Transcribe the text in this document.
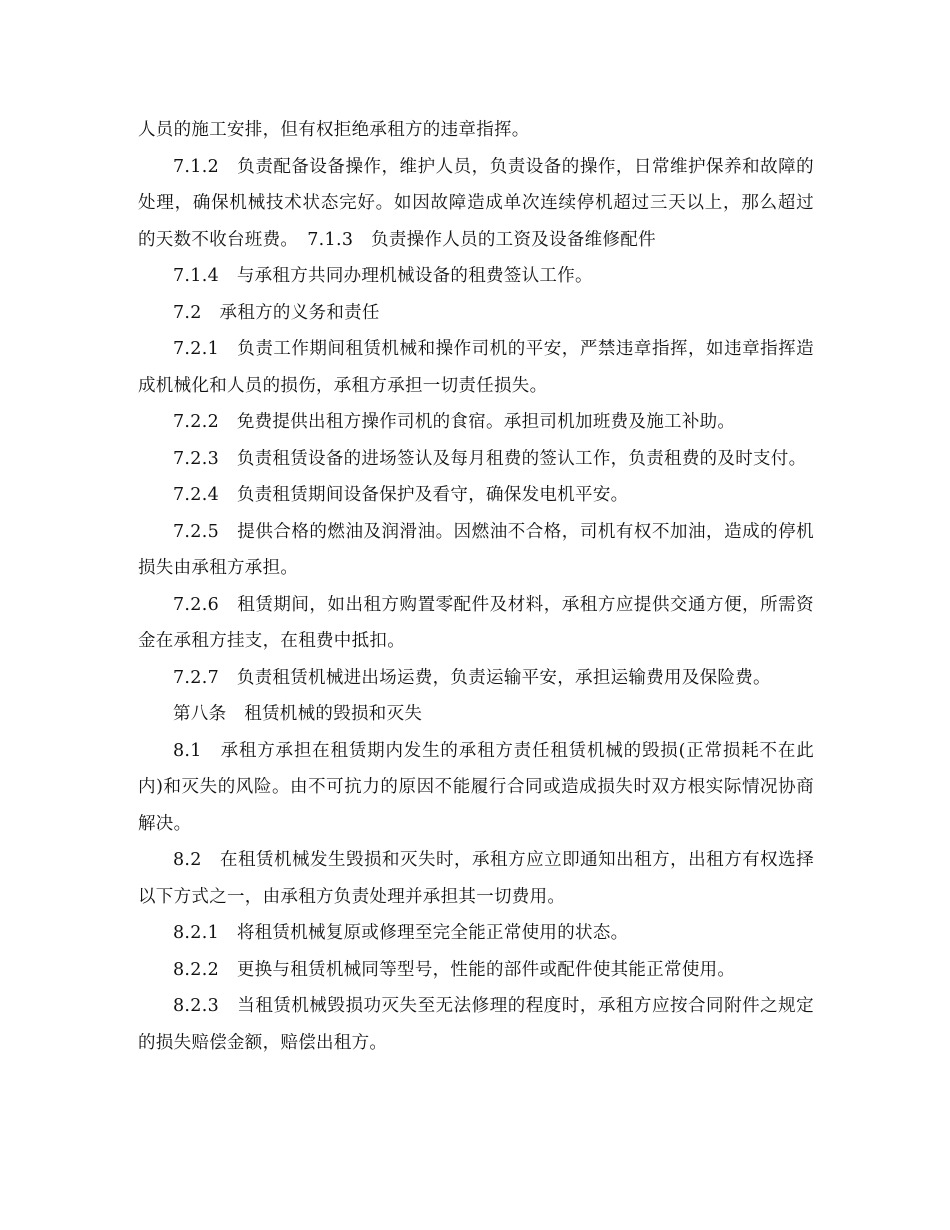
人员的施工安排，但有权拒绝承租方的违章指挥。

7.1.2　负责配备设备操作，维护人员，负责设备的操作，日常维护保养和故障的处理，确保机械技术状态完好。如因故障造成单次连续停机超过三天以上，那么超过的天数不收台班费。　7.1.3　负责操作人员的工资及设备维修配件

7.1.4　与承租方共同办理机械设备的租费签认工作。

7.2　承租方的义务和责任

7.2.1　负责工作期间租赁机械和操作司机的平安，严禁违章指挥，如违章指挥造成机械化和人员的损伤，承租方承担一切责任损失。

7.2.2　免费提供出租方操作司机的食宿。承担司机加班费及施工补助。

7.2.3　负责租赁设备的进场签认及每月租费的签认工作，负责租费的及时支付。

7.2.4　负责租赁期间设备保护及看守，确保发电机平安。

7.2.5　提供合格的燃油及润滑油。因燃油不合格，司机有权不加油，造成的停机损失由承租方承担。

7.2.6　租赁期间，如出租方购置零配件及材料，承租方应提供交通方便，所需资金在承租方挂支，在租费中抵扣。

7.2.7　负责租赁机械进出场运费，负责运输平安，承担运输费用及保险费。

第八条　租赁机械的毁损和灭失

8.1　承租方承担在租赁期内发生的承租方责任租赁机械的毁损(正常损耗不在此内)和灭失的风险。由不可抗力的原因不能履行合同或造成损失时双方根实际情况协商解决。

8.2　在租赁机械发生毁损和灭失时，承租方应立即通知出租方，出租方有权选择以下方式之一，由承租方负责处理并承担其一切费用。

8.2.1　将租赁机械复原或修理至完全能正常使用的状态。

8.2.2　更换与租赁机械同等型号，性能的部件或配件使其能正常使用。

8.2.3　当租赁机械毁损功灭失至无法修理的程度时，承租方应按合同附件之规定的损失赔偿金额，赔偿出租方。
